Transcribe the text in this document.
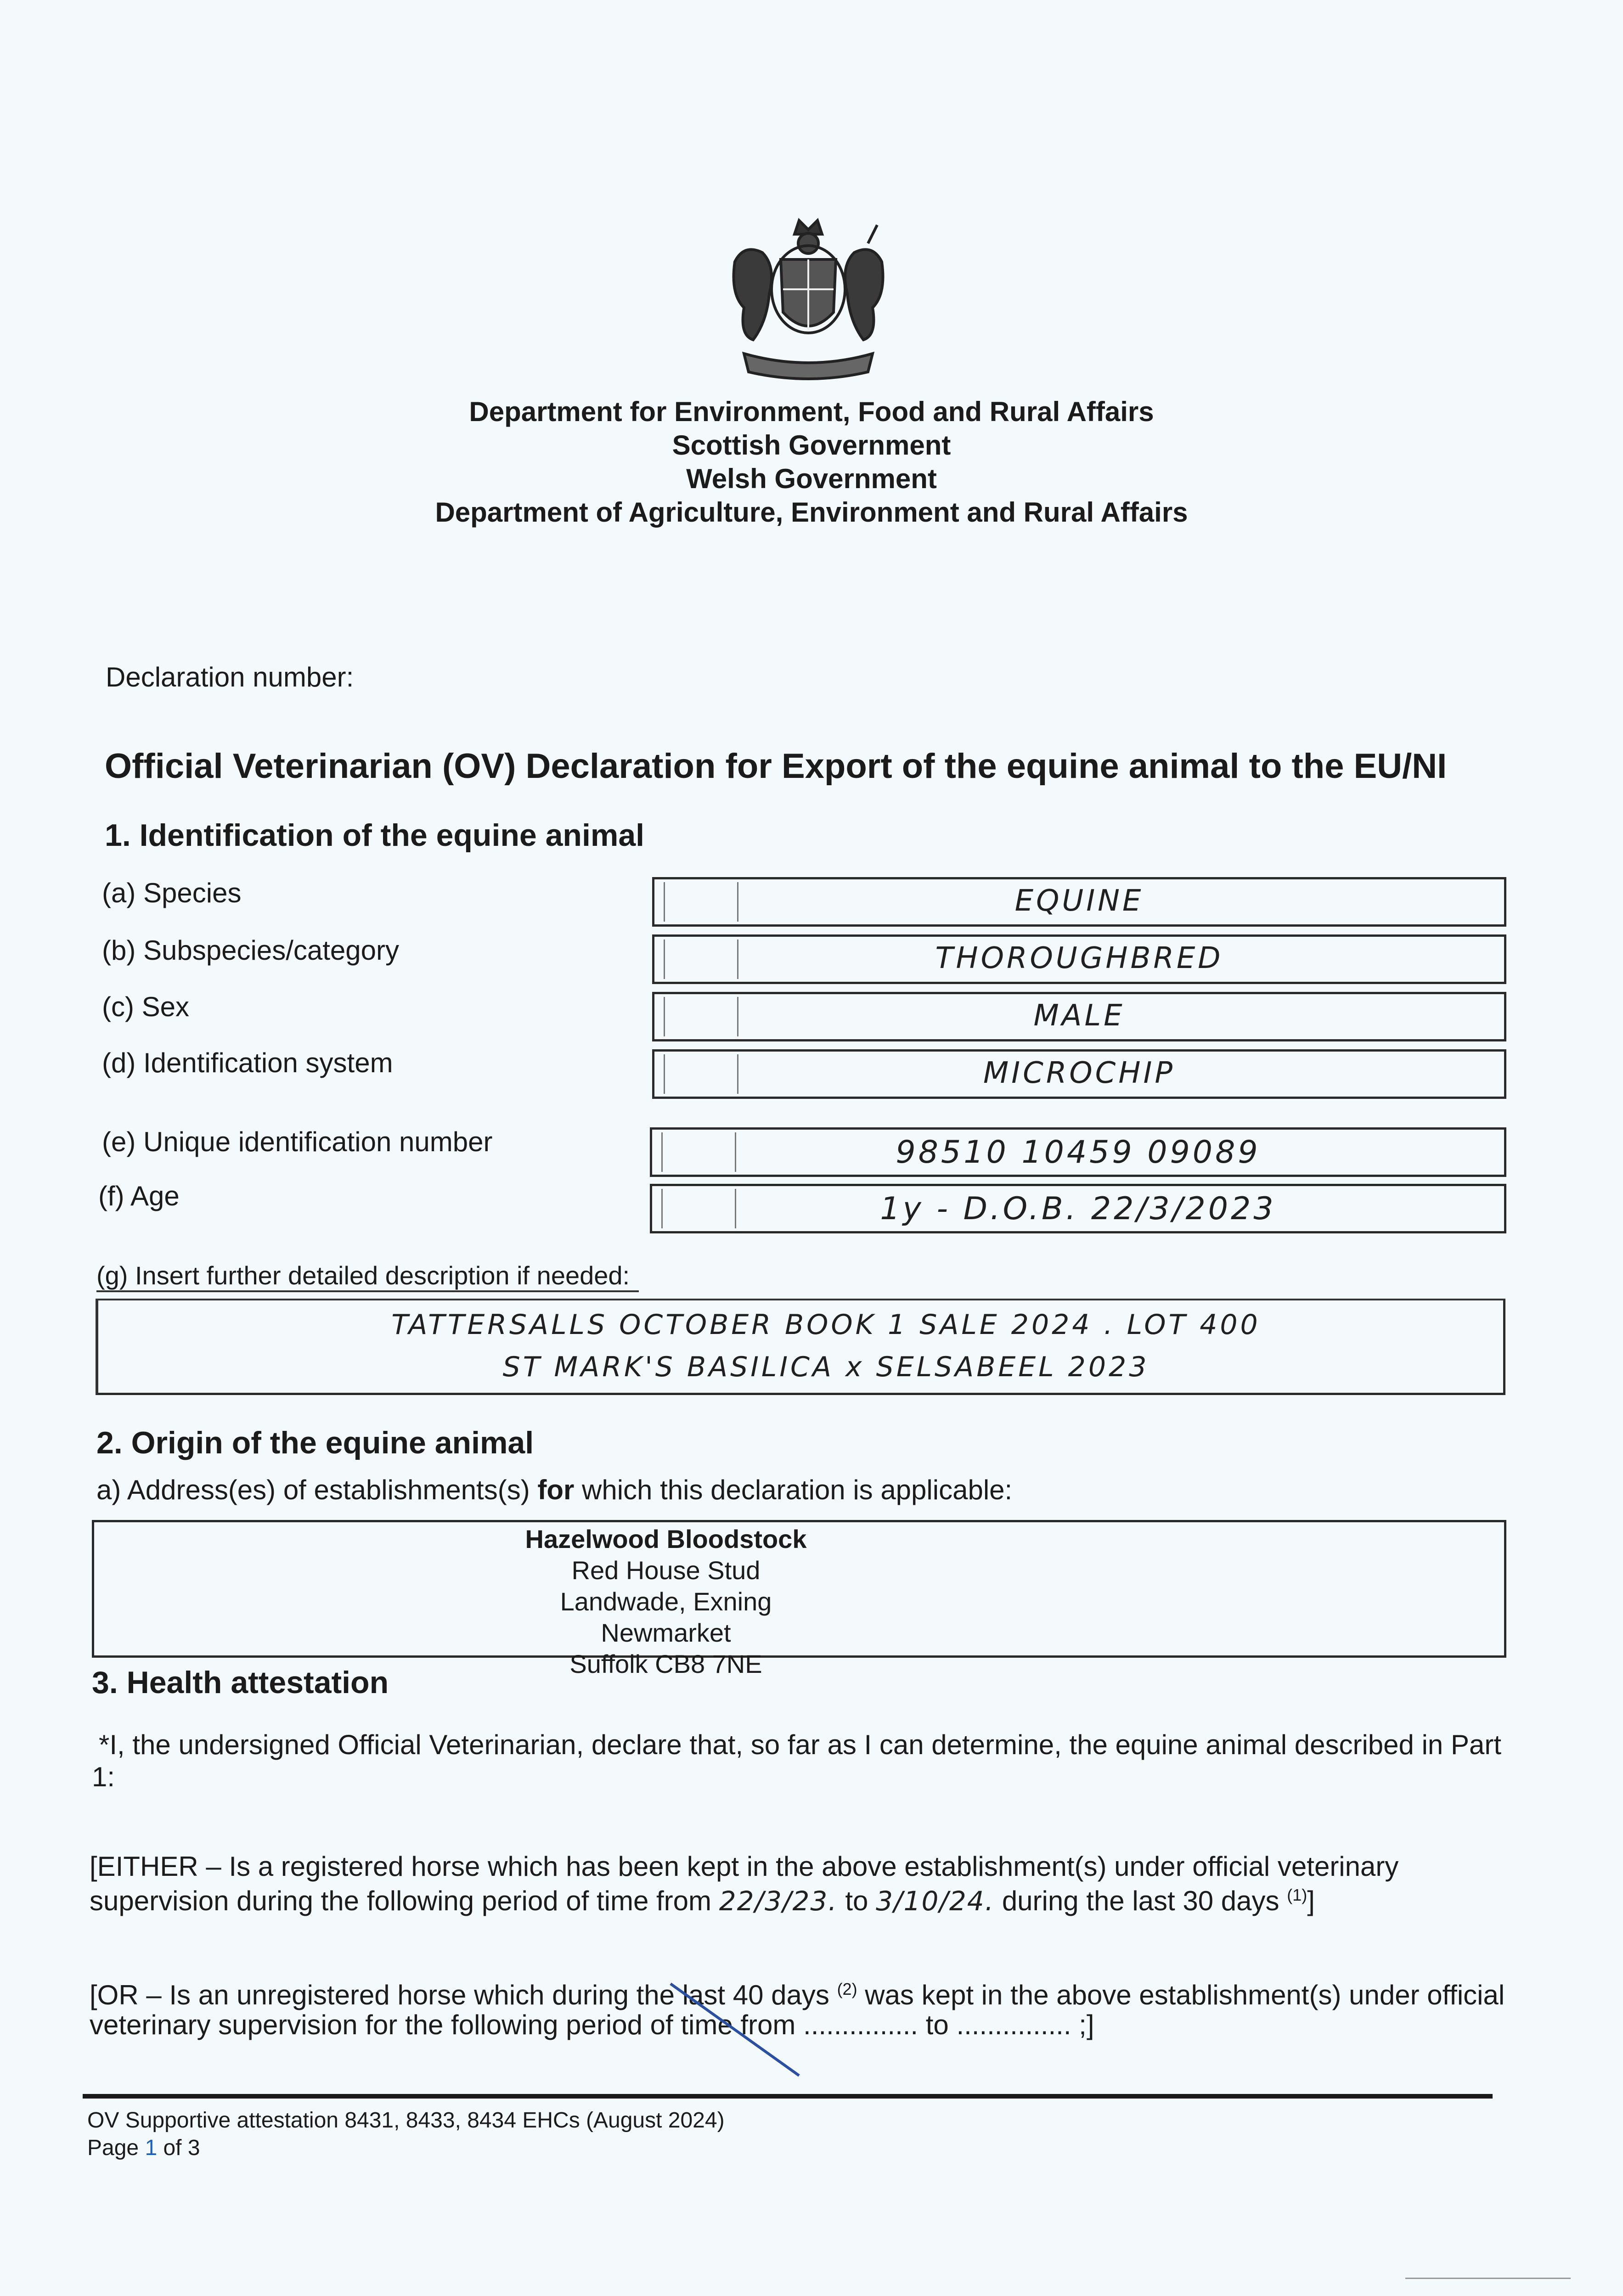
Department for Environment, Food and Rural Affairs
Scottish Government
Welsh Government
Department of Agriculture, Environment and Rural Affairs
Declaration number:
Official Veterinarian (OV) Declaration for Export of the equine animal to the EU/NI
1. Identification of the equine animal
(a) Species	EQUINE
(b) Subspecies/category	THOROUGHBRED
(c) Sex	MALE
(d) Identification system	MICROCHIP
(e) Unique identification number	98510 10459 09089
(f) Age	1y - D.O.B. 22/3/2023
(g) Insert further detailed description if needed:
TATTERSALLS OCTOBER BOOK 1 SALE 2024 . LOT 400
ST MARK'S BASILICA x SELSABEEL 2023
2. Origin of the equine animal
a) Address(es) of establishments(s) for which this declaration is applicable:
Hazelwood Bloodstock
Red House Stud
Landwade, Exning
Newmarket
Suffolk CB8 7NE
3. Health attestation
*I, the undersigned Official Veterinarian, declare that, so far as I can determine, the equine animal described in Part
1:
[EITHER – Is a registered horse which has been kept in the above establishment(s) under official veterinary
supervision during the following period of time from 22/3/23. to 3/10/24. during the last 30 days $^{(1)}$]
[OR – Is an unregistered horse which during the last 40 days $^{(2)}$ was kept in the above establishment(s) under official
veterinary supervision for the following period of time from ............... to ............... ;]
OV Supportive attestation 8431, 8433, 8434 EHCs (August 2024)
Page 1 of 3
